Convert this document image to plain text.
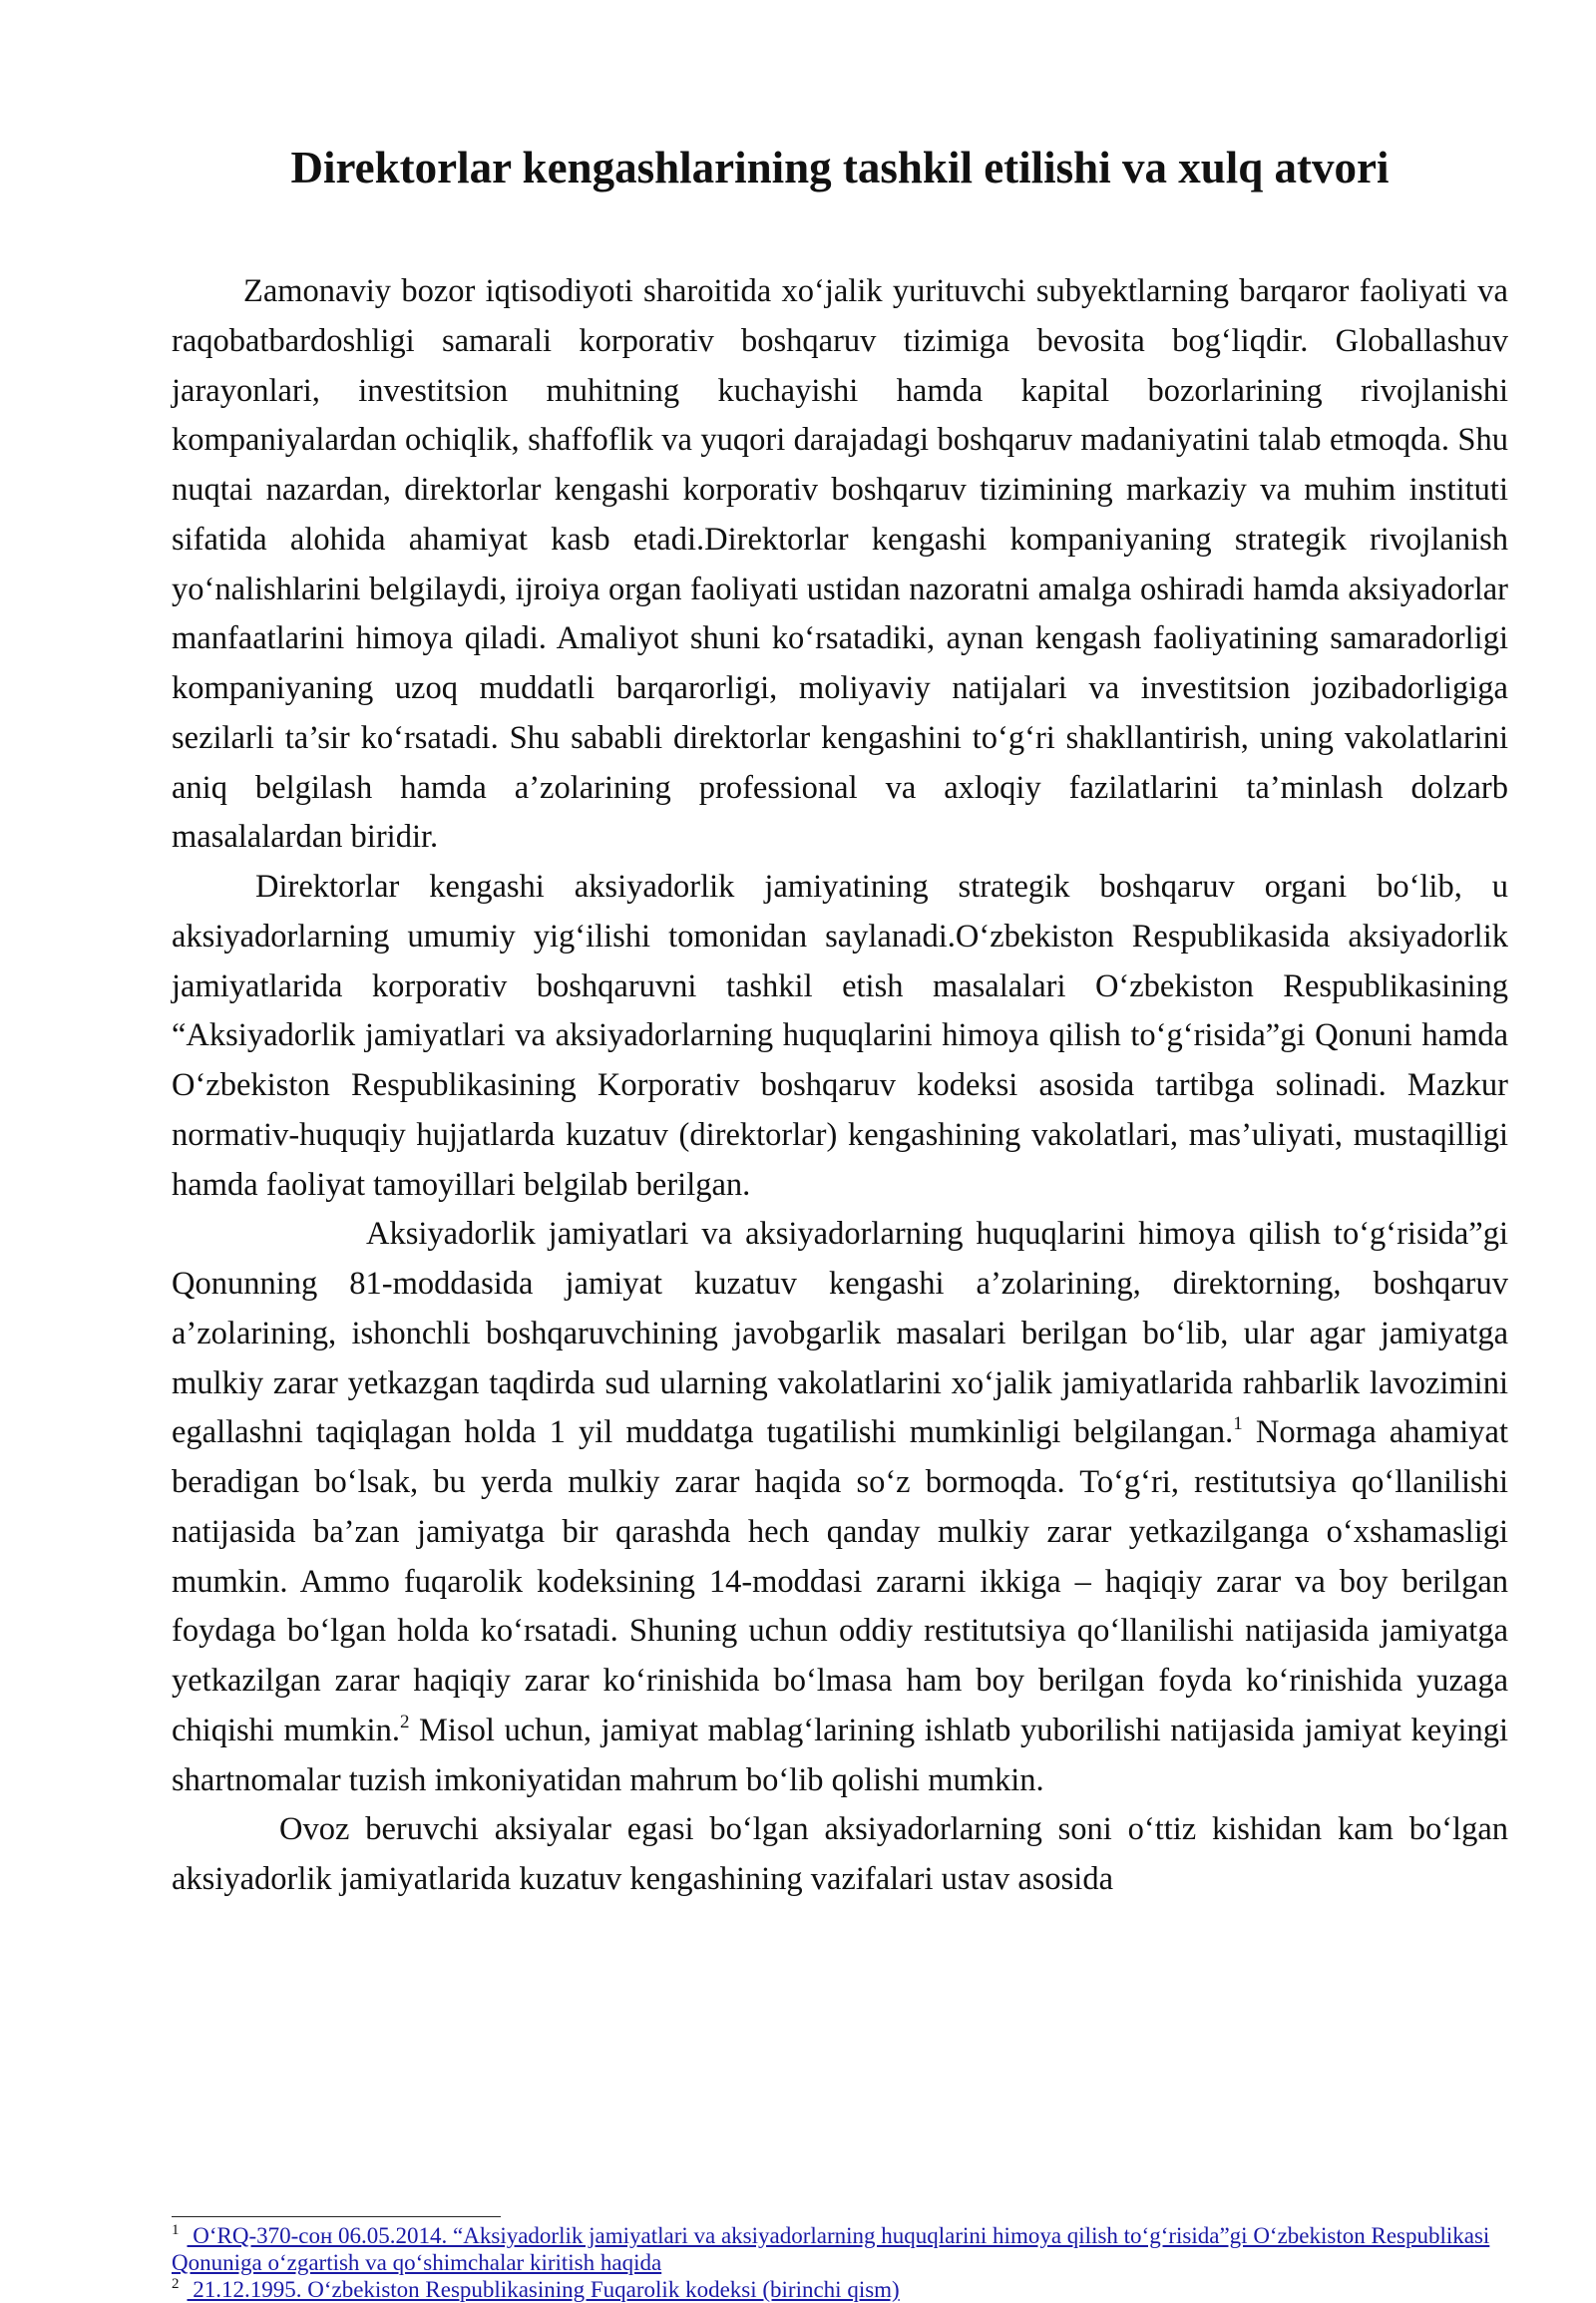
Direktorlar kengashlarining tashkil etilishi va xulq atvori

Zamonaviy bozor iqtisodiyoti sharoitida xo‘jalik yurituvchi subyektlarning barqaror faoliyati va raqobatbardoshligi samarali korporativ boshqaruv tizimiga bevosita bog‘liqdir. Globallashuv jarayonlari, investitsion muhitning kuchayishi hamda kapital bozorlarining rivojlanishi kompaniyalardan ochiqlik, shaffoflik va yuqori darajadagi boshqaruv madaniyatini talab etmoqda. Shu nuqtai nazardan, direktorlar kengashi korporativ boshqaruv tizimining markaziy va muhim instituti sifatida alohida ahamiyat kasb etadi.Direktorlar kengashi kompaniyaning strategik rivojlanish yo‘nalishlarini belgilaydi, ijroiya organ faoliyati ustidan nazoratni amalga oshiradi hamda aksiyadorlar manfaatlarini himoya qiladi. Amaliyot shuni ko‘rsatadiki, aynan kengash faoliyatining samaradorligi kompaniyaning uzoq muddatli barqarorligi, moliyaviy natijalari va investitsion jozibadorligiga sezilarli ta’sir ko‘rsatadi. Shu sababli direktorlar kengashini to‘g‘ri shakllantirish, uning vakolatlarini aniq belgilash hamda a’zolarining professional va axloqiy fazilatlarini ta’minlash dolzarb masalalardan biridir.

Direktorlar kengashi aksiyadorlik jamiyatining strategik boshqaruv organi bo‘lib, u aksiyadorlarning umumiy yig‘ilishi tomonidan saylanadi.O‘zbekiston Respublikasida aksiyadorlik jamiyatlarida korporativ boshqaruvni tashkil etish masalalari O‘zbekiston Respublikasining “Aksiyadorlik jamiyatlari va aksiyadorlarning huquqlarini himoya qilish to‘g‘risida”gi Qonuni hamda O‘zbekiston Respublikasining Korporativ boshqaruv kodeksi asosida tartibga solinadi. Mazkur normativ-huquqiy hujjatlarda kuzatuv (direktorlar) kengashining vakolatlari, mas’uliyati, mustaqilligi hamda faoliyat tamoyillari belgilab berilgan.

Aksiyadorlik jamiyatlari va aksiyadorlarning huquqlarini himoya qilish to‘g‘risida”gi Qonunning 81-moddasida jamiyat kuzatuv kengashi a’zolarining, direktorning, boshqaruv a’zolarining, ishonchli boshqaruvchining javobgarlik masalari berilgan bo‘lib, ular agar jamiyatga mulkiy zarar yetkazgan taqdirda sud ularning vakolatlarini xo‘jalik jamiyatlarida rahbarlik lavozimini egallashni taqiqlagan holda 1 yil muddatga tugatilishi mumkinligi belgilangan.$^1$ Normaga ahamiyat beradigan bo‘lsak, bu yerda mulkiy zarar haqida so‘z bormoqda. To‘g‘ri, restitutsiya qo‘llanilishi natijasida ba’zan jamiyatga bir qarashda hech qanday mulkiy zarar yetkazilganga o‘xshamasligi mumkin. Ammo fuqarolik kodeksining 14-moddasi zararni ikkiga – haqiqiy zarar va boy berilgan foydaga bo‘lgan holda ko‘rsatadi. Shuning uchun oddiy restitutsiya qo‘llanilishi natijasida jamiyatga yetkazilgan zarar haqiqiy zarar ko‘rinishida bo‘lmasa ham boy berilgan foyda ko‘rinishida yuzaga chiqishi mumkin.$^2$ Misol uchun, jamiyat mablag‘larining ishlatb yuborilishi natijasida jamiyat keyingi shartnomalar tuzish imkoniyatidan mahrum bo‘lib qolishi mumkin.

Ovoz beruvchi aksiyalar egasi bo‘lgan aksiyadorlarning soni o‘ttiz kishidan kam bo‘lgan aksiyadorlik jamiyatlarida kuzatuv kengashining vazifalari ustav asosida

$^1$ O‘RQ-370-сон 06.05.2014. “Aksiyadorlik jamiyatlari va aksiyadorlarning huquqlarini himoya qilish to‘g‘risida”gi O‘zbekiston Respublikasi Qonuniga o‘zgartish va qo‘shimchalar kiritish haqida

$^2$ 21.12.1995. O‘zbekiston Respublikasining Fuqarolik kodeksi (birinchi qism)
